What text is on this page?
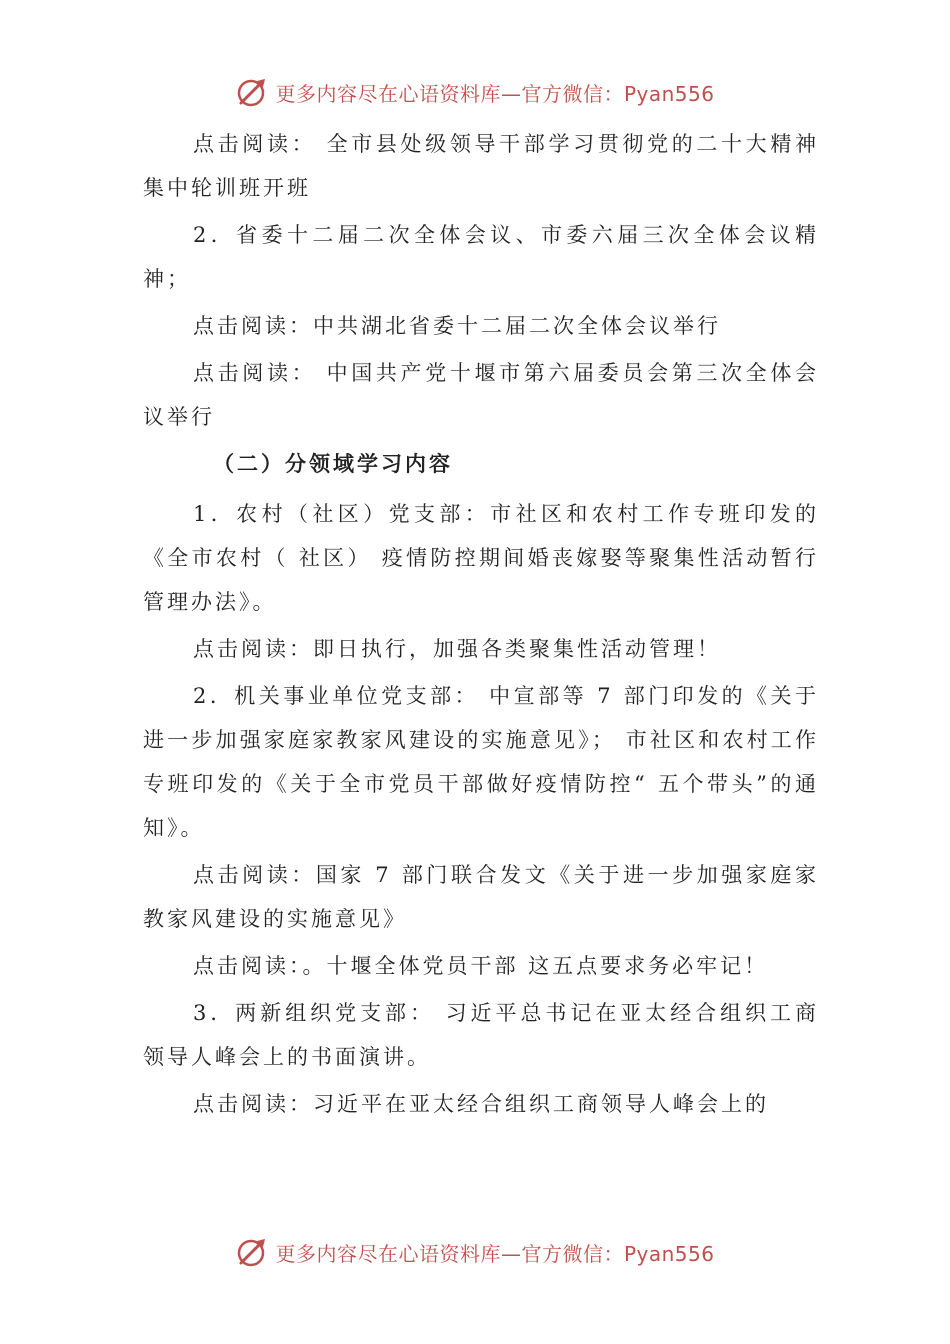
更多内容尽在心语资料库—官方微信：Pyan556

点击阅读： 全市县处级领导干部学习贯彻党的二十大精神集中轮训班开班

2．省委十二届二次全体会议、市委六届三次全体会议精神；

点击阅读：中共湖北省委十二届二次全体会议举行

点击阅读： 中国共产党十堰市第六届委员会第三次全体会议举行

（二）分领域学习内容

1．农村（社区）党支部：市社区和农村工作专班印发的《全市农村（ 社区） 疫情防控期间婚丧嫁娶等聚集性活动暂行管理办法》。

点击阅读：即日执行，加强各类聚集性活动管理！

2．机关事业单位党支部： 中宣部等 7 部门印发的《关于进一步加强家庭家教家风建设的实施意见》； 市社区和农村工作专班印发的《关于全市党员干部做好疫情防控“ 五个带头”的通知》。

点击阅读：国家 7 部门联合发文《关于进一步加强家庭家教家风建设的实施意见》

点击阅读：。十堰全体党员干部 这五点要求务必牢记！

3．两新组织党支部： 习近平总书记在亚太经合组织工商领导人峰会上的书面演讲。

点击阅读：习近平在亚太经合组织工商领导人峰会上的

更多内容尽在心语资料库—官方微信：Pyan556
